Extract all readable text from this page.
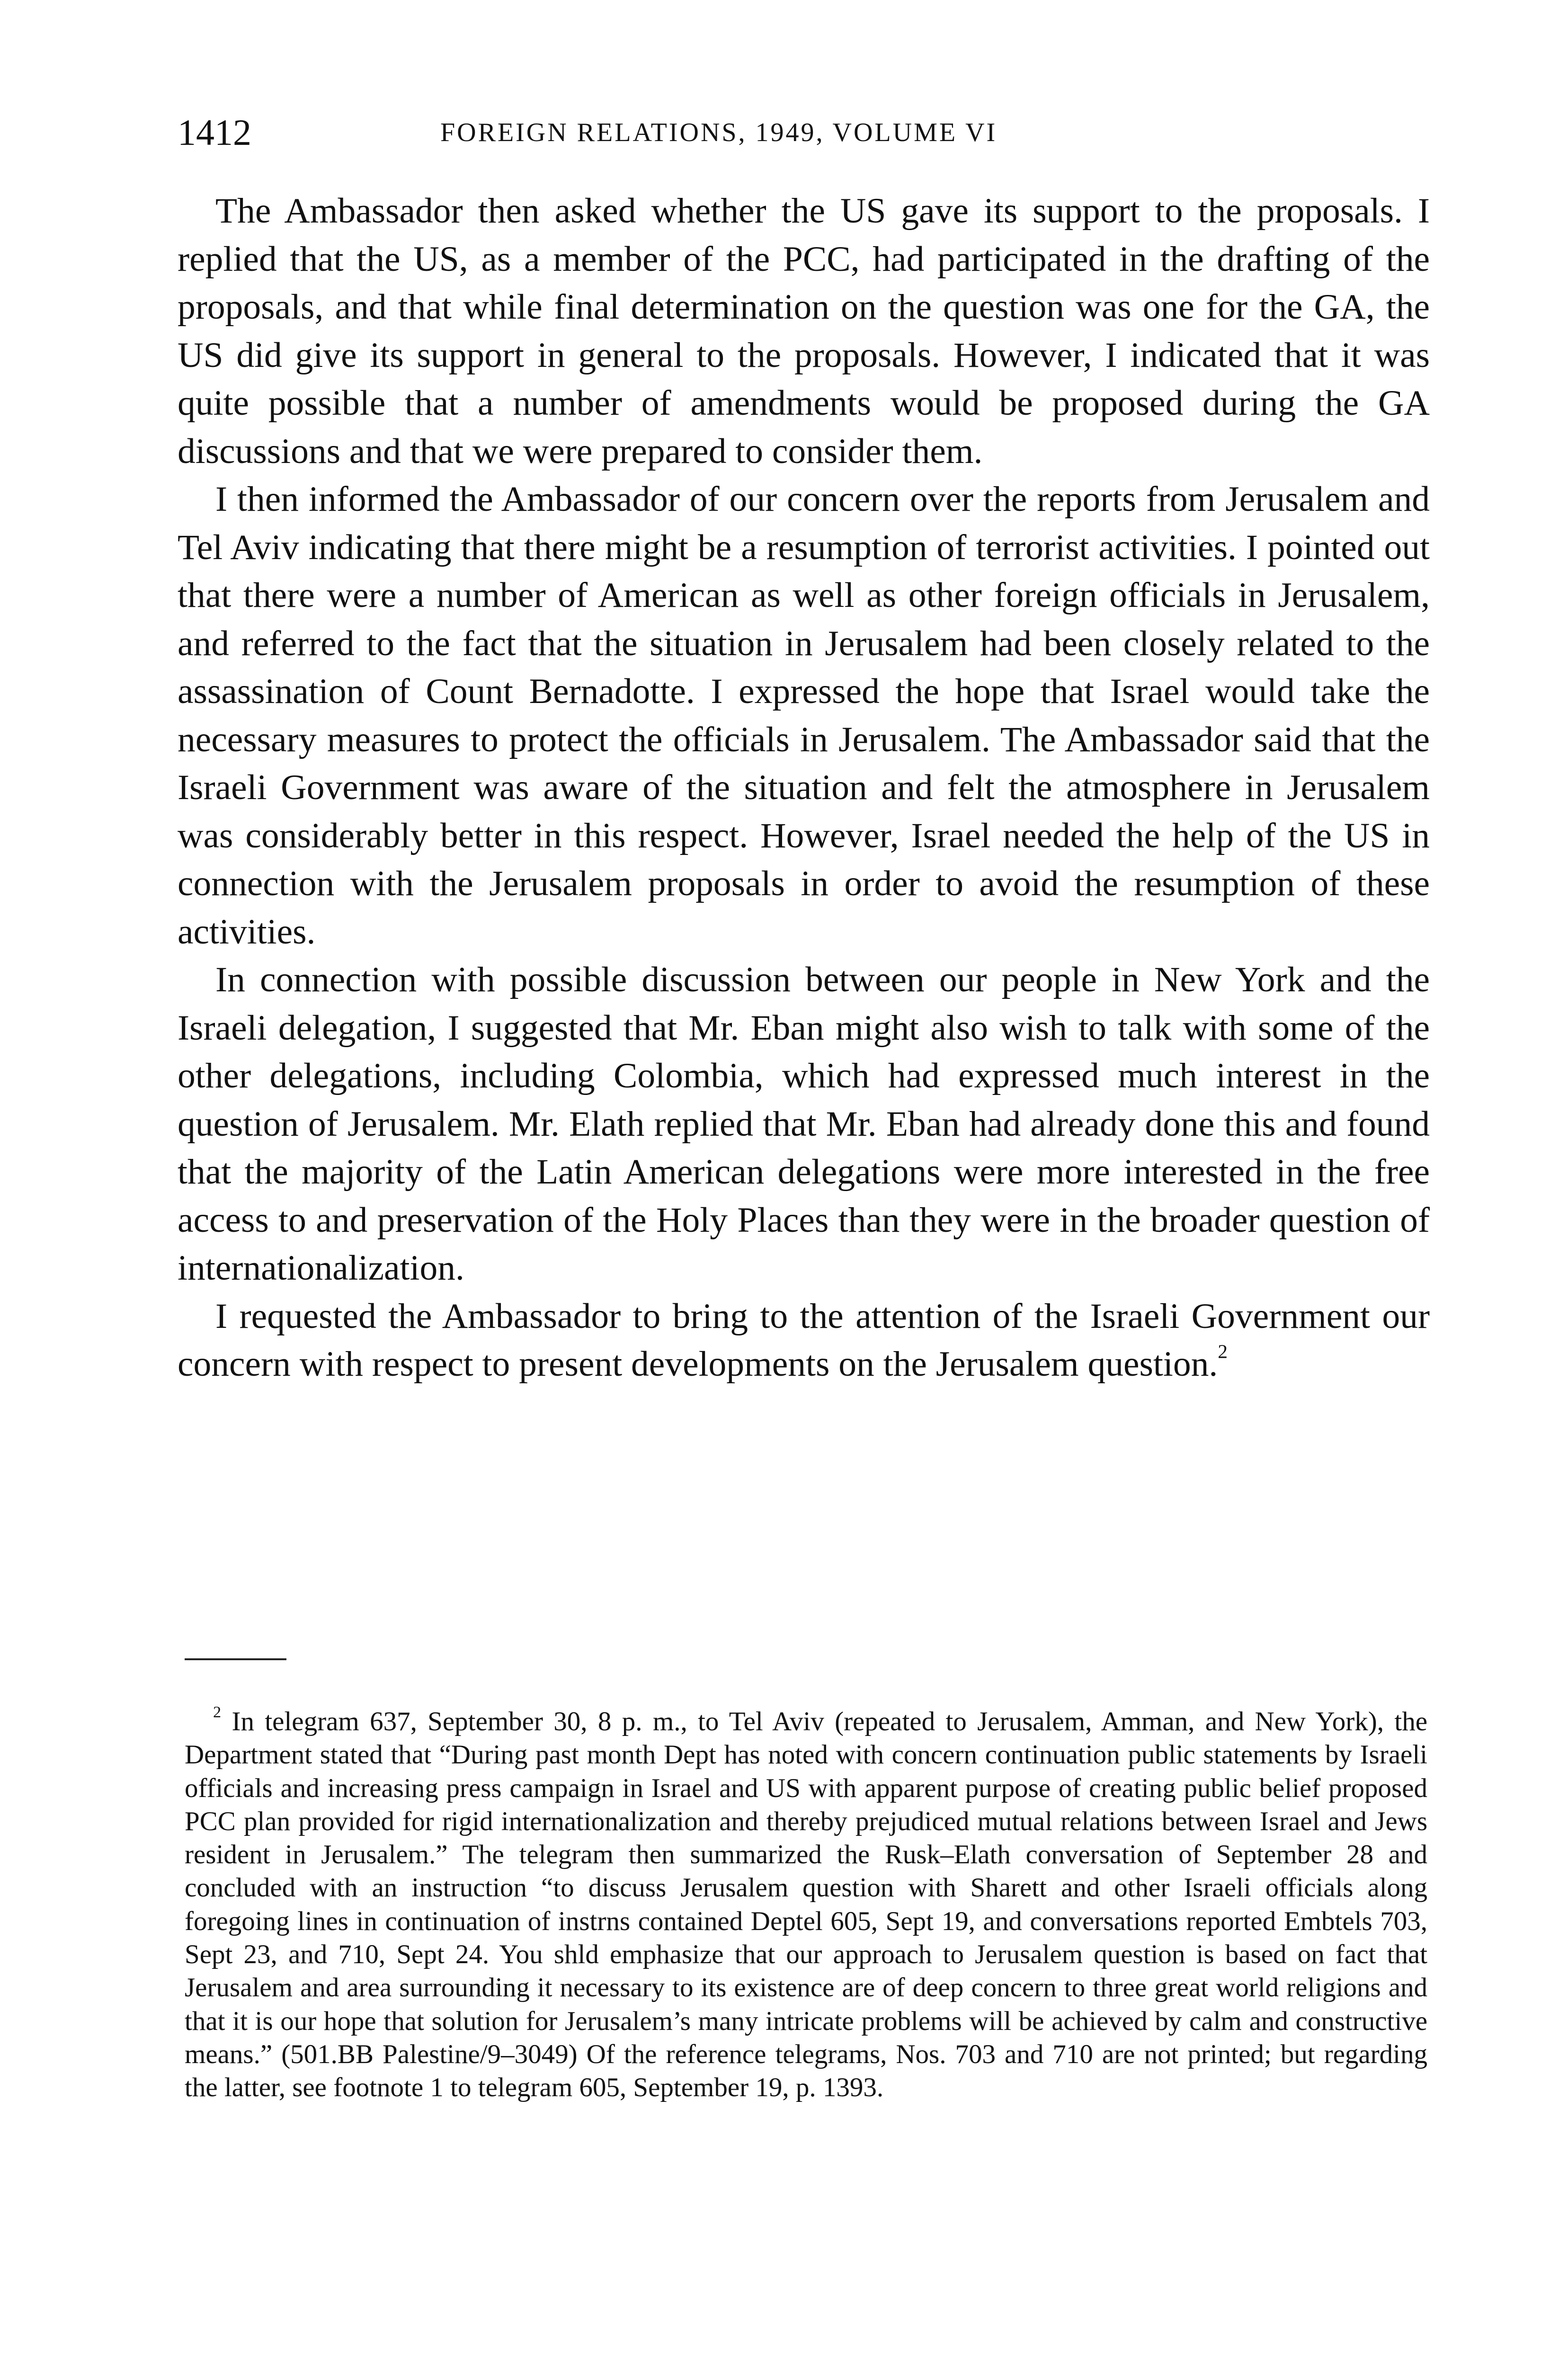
1412	FOREIGN RELATIONS, 1949, VOLUME VI

The Ambassador then asked whether the US gave its support to the proposals. I replied that the US, as a member of the PCC, had participated in the drafting of the proposals, and that while final determination on the question was one for the GA, the US did give its support in general to the proposals. However, I indicated that it was quite possible that a number of amendments would be proposed during the GA discussions and that we were prepared to consider them.

I then informed the Ambassador of our concern over the reports from Jerusalem and Tel Aviv indicating that there might be a resumption of terrorist activities. I pointed out that there were a number of American as well as other foreign officials in Jerusalem, and referred to the fact that the situation in Jerusalem had been closely related to the assassination of Count Bernadotte. I expressed the hope that Israel would take the necessary measures to protect the officials in Jerusalem. The Ambassador said that the Israeli Government was aware of the situation and felt the atmosphere in Jerusalem was considerably better in this respect. However, Israel needed the help of the US in connection with the Jerusalem proposals in order to avoid the resumption of these activities.

In connection with possible discussion between our people in New York and the Israeli delegation, I suggested that Mr. Eban might also wish to talk with some of the other delegations, including Colombia, which had expressed much interest in the question of Jerusalem. Mr. Elath replied that Mr. Eban had already done this and found that the majority of the Latin American delegations were more interested in the free access to and preservation of the Holy Places than they were in the broader question of internationalization.

I requested the Ambassador to bring to the attention of the Israeli Government our concern with respect to present developments on the Jerusalem question.$^2$

$^2$ In telegram 637, September 30, 8 p. m., to Tel Aviv (repeated to Jerusalem, Amman, and New York), the Department stated that “During past month Dept has noted with concern continuation public statements by Israeli officials and increasing press campaign in Israel and US with apparent purpose of creating public belief proposed PCC plan provided for rigid internationalization and thereby prejudiced mutual relations between Israel and Jews resident in Jerusalem.” The telegram then summarized the Rusk–Elath conversation of September 28 and concluded with an instruction “to discuss Jerusalem question with Sharett and other Israeli officials along foregoing lines in continuation of instrns contained Deptel 605, Sept 19, and conversations reported Embtels 703, Sept 23, and 710, Sept 24. You shld emphasize that our approach to Jerusalem question is based on fact that Jerusalem and area surrounding it necessary to its existence are of deep concern to three great world religions and that it is our hope that solution for Jerusalem’s many intricate problems will be achieved by calm and constructive means.” (501.BB Palestine/9–3049) Of the reference telegrams, Nos. 703 and 710 are not printed; but regarding the latter, see footnote 1 to telegram 605, September 19, p. 1393.
